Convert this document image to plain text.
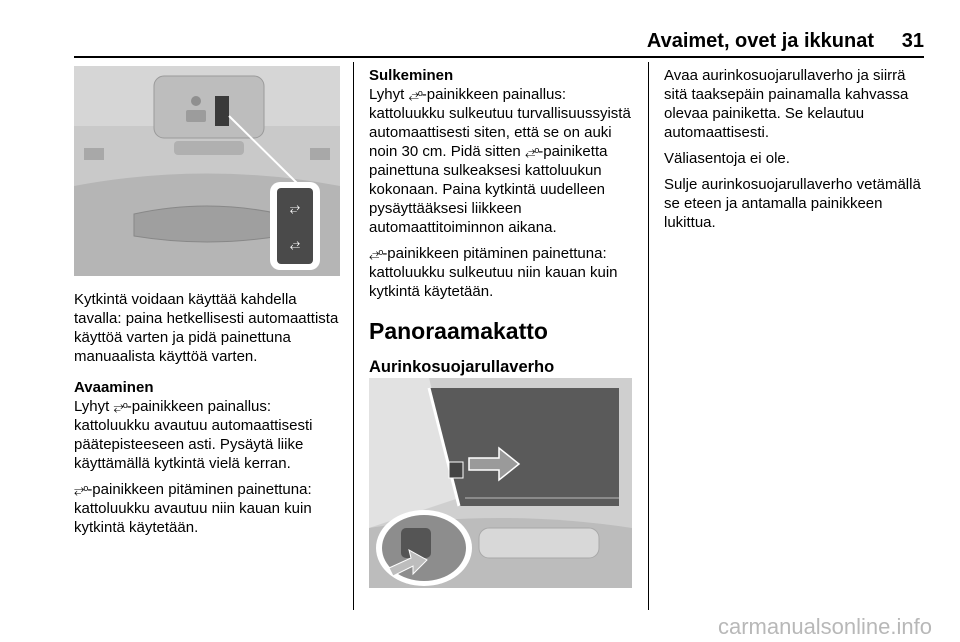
Avaimet, ovet ja ikkunat 31
⥂
⥄

Kytkintä voidaan käyttää kahdella tavalla: paina hetkellisesti automaattista käyttöä varten ja pidä painettuna manuaalista käyttöä varten.

Avaaminen

Lyhyt ⥂ᵒ-painikkeen painallus: kattoluukku avautuu automaattisesti päätepisteeseen asti. Pysäytä liike käyttämällä kytkintä vielä kerran.

⥂ᵒ-painikkeen pitäminen painettuna: kattoluukku avautuu niin kauan kuin kytkintä käytetään.

Sulkeminen

Lyhyt ⥄ᵒ-painikkeen painallus: kattoluukku sulkeutuu turvallisuussyistä automaattisesti siten, että se on auki noin 30 cm. Pidä sitten ⥄ᵒ-painiketta painettuna sulkeaksesi kattoluukun kokonaan. Paina kytkintä uudelleen pysäyttääksesi liikkeen automaattitoiminnon aikana.

⥄ᵒ-painikkeen pitäminen painettuna: kattoluukku sulkeutuu niin kauan kuin kytkintä käytetään.

Panoraamakatto
Aurinkosuojarullaverho

Avaa aurinkosuojarullaverho ja siirrä sitä taaksepäin painamalla kahvassa olevaa painiketta. Se kelautuu automaattisesti.

Väliasentoja ei ole.

Sulje aurinkosuojarullaverho vetämällä se eteen ja antamalla painikkeen lukittua.

carmanualsonline.info
